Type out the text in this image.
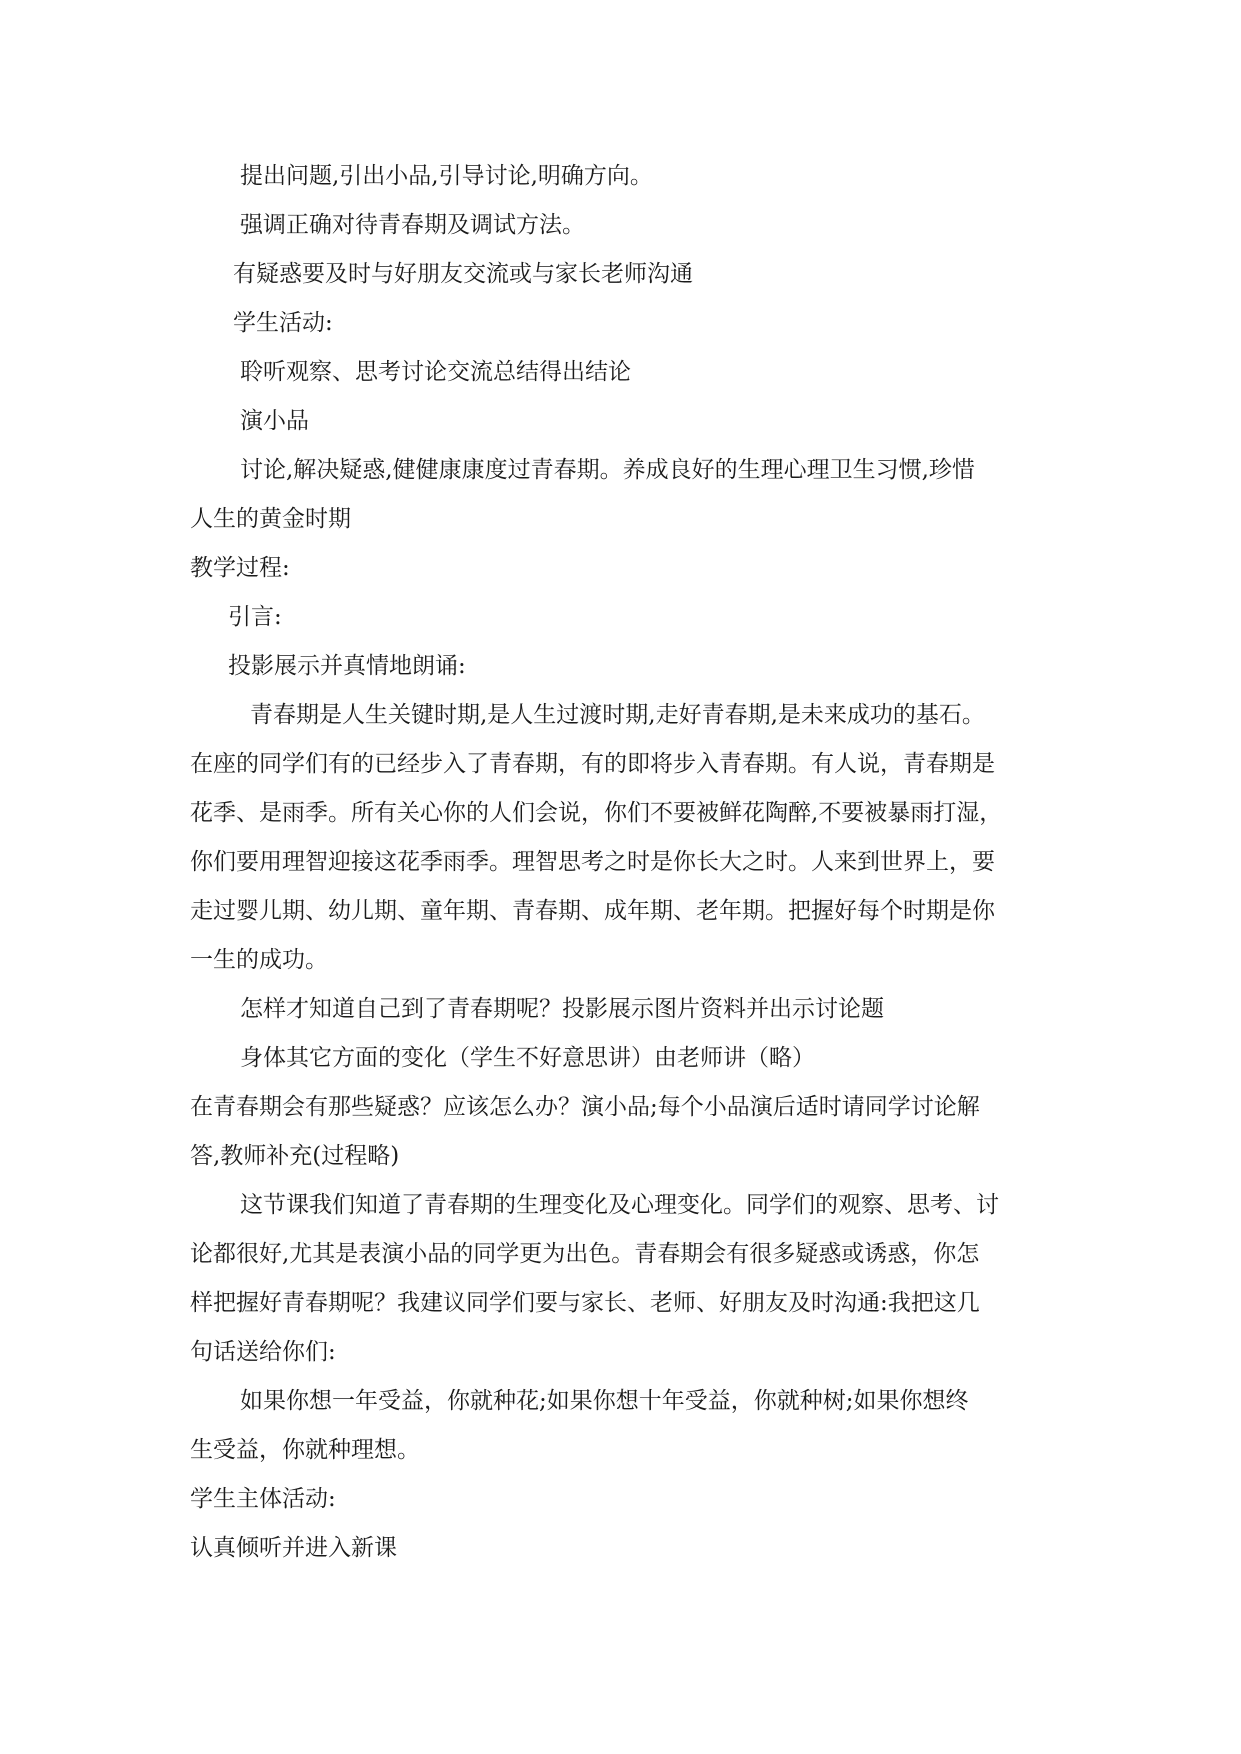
提出问题,引出小品,引导讨论,明确方向。
强调正确对待青春期及调试方法。
有疑惑要及时与好朋友交流或与家长老师沟通
学生活动:
聆听观察、思考讨论交流总结得出结论
演小品
讨论,解决疑惑,健健康康度过青春期。养成良好的生理心理卫生习惯,珍惜
人生的黄金时期
教学过程:
引言:
投影展示并真情地朗诵:
青春期是人生关键时期,是人生过渡时期,走好青春期,是未来成功的基石。
在座的同学们有的已经步入了青春期，有的即将步入青春期。有人说，青春期是
花季、是雨季。所有关心你的人们会说，你们不要被鲜花陶醉,不要被暴雨打湿，
你们要用理智迎接这花季雨季。理智思考之时是你长大之时。人来到世界上，要
走过婴儿期、幼儿期、童年期、青春期、成年期、老年期。把握好每个时期是你
一生的成功。
怎样才知道自己到了青春期呢？投影展示图片资料并出示讨论题
身体其它方面的变化（学生不好意思讲）由老师讲（略）
在青春期会有那些疑惑？应该怎么办？演小品;每个小品演后适时请同学讨论解
答,教师补充(过程略)
这节课我们知道了青春期的生理变化及心理变化。同学们的观察、思考、讨
论都很好,尤其是表演小品的同学更为出色。青春期会有很多疑惑或诱惑，你怎
样把握好青春期呢？我建议同学们要与家长、老师、好朋友及时沟通:我把这几
句话送给你们:
如果你想一年受益，你就种花;如果你想十年受益，你就种树;如果你想终
生受益，你就种理想。
学生主体活动:
认真倾听并进入新课
